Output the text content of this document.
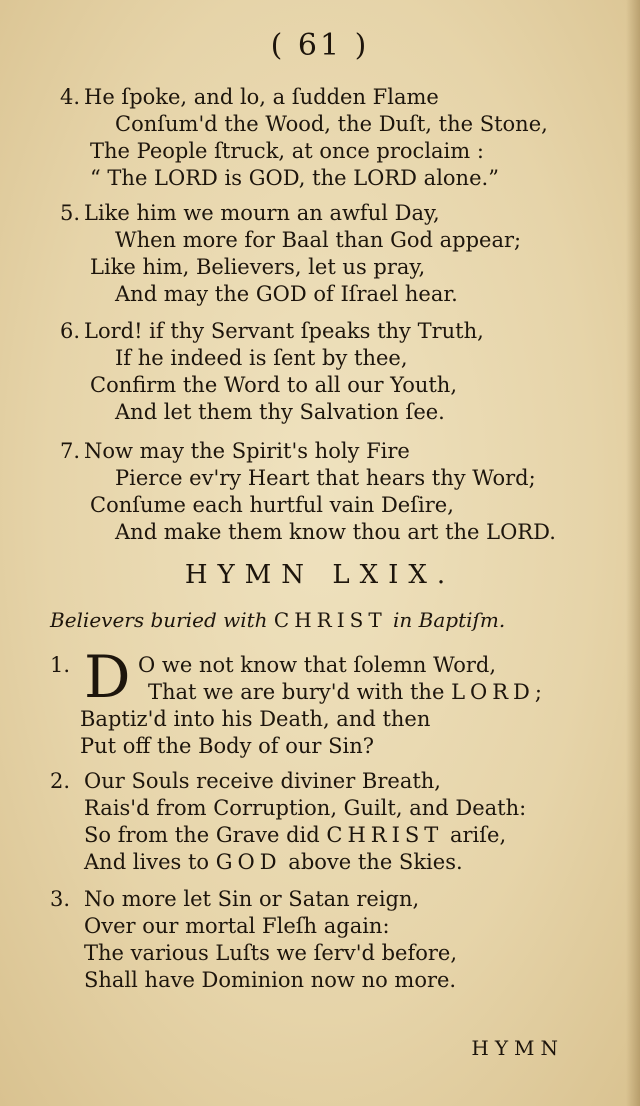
( 61 )
4. He ſpoke, and lo, a ſudden Flame
Conſum'd the Wood, the Duſt, the Stone,
The People ſtruck, at once proclaim :
“ The LORD is GOD, the LORD alone.”
5. Like him we mourn an awful Day,
When more for Baal than God appear;
Like him, Believers, let us pray,
And may the GOD of Iſrael hear.
6. Lord! if thy Servant ſpeaks thy Truth,
If he indeed is ſent by thee,
Confirm the Word to all our Youth,
And let them thy Salvation ſee.
7. Now may the Spirit's holy Fire
Pierce ev'ry Heart that hears thy Word;
Conſume each hurtful vain Deſire,
And make them know thou art the LORD.
HYMN LXIX.
Believers buried with CHRIST in Baptiſm.
1.	O we not know that ſolemn Word,
That we are bury'd with the LORD;
Baptiz'd into his Death, and then
Put off the Body of our Sin?
D
2. Our Souls receive diviner Breath,
Rais'd from Corruption, Guilt, and Death:
So from the Grave did CHRIST ariſe,
And lives to GOD above the Skies.
3. No more let Sin or Satan reign,
Over our mortal Fleſh again:
The various Luſts we ſerv'd before,
Shall have Dominion now no more.
HYMN
